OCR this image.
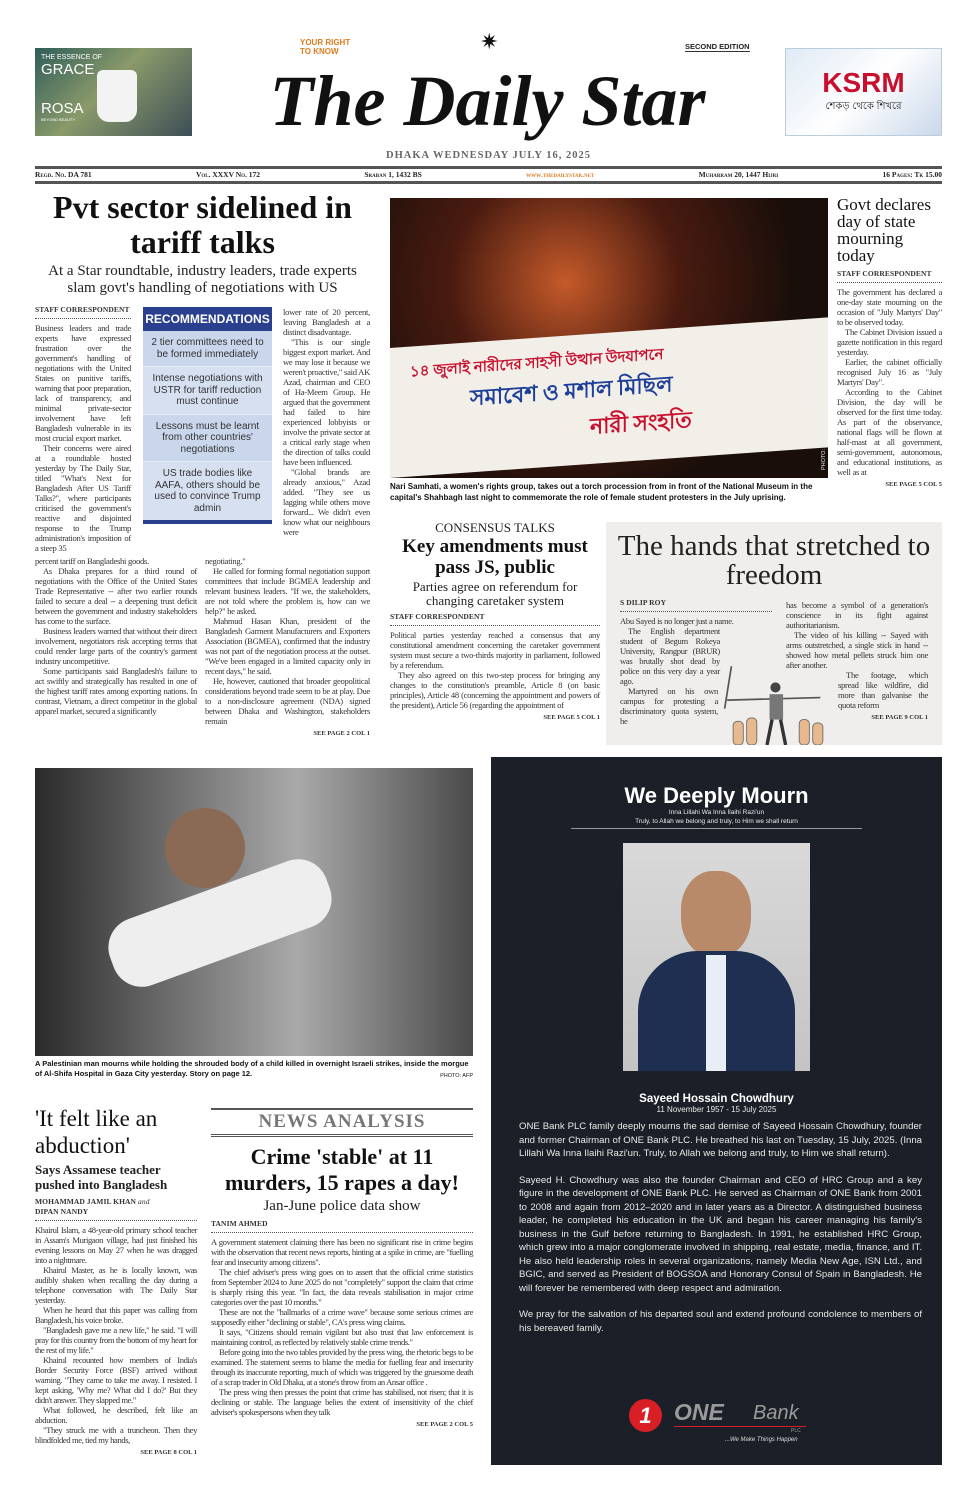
THE ESSENCE OF
GRACE
ROSA
BEYOND BEAUTY
KSRM
শেকড় থেকে শিখরে
YOUR RIGHT TO KNOW	✷	SECOND EDITION
The Daily Star
DHAKA WEDNESDAY JULY 16, 2025
Regd. No. DA 781	Vol. XXXV No. 172	Sraban 1, 1432 BS	www.thedailystar.net	Muharram 20, 1447 Hijri	16 Pages: Tk 15.00
Pvt sector sidelined in tariff talks
At a Star roundtable, industry leaders, trade experts slam govt's handling of negotiations with US
STAFF CORRESPONDENT

Business leaders and trade experts have expressed frustration over the government's handling of negotiations with the United States on punitive tariffs, warning that poor preparation, lack of transparency, and minimal private-sector involvement have left Bangladesh vulnerable in its most crucial export market.

Their concerns were aired at a roundtable hosted yesterday by The Daily Star, titled "What's Next for Bangladesh After US Tariff Talks?", where participants criticised the government's reactive and disjointed response to the Trump administration's imposition of a steep 35

RECOMMENDATIONS
2 tier committees need to be formed immediately
Intense negotiations with USTR for tariff reduction must continue
Lessons must be learnt from other countries' negotiations
US trade bodies like AAFA, others should be used to convince Trump admin

lower rate of 20 percent, leaving Bangladesh at a distinct disadvantage.

"This is our single biggest export market. And we may lose it because we weren't proactive," said AK Azad, chairman and CEO of Ha-Meem Group. He argued that the government had failed to hire experienced lobbyists or involve the private sector at a critical early stage when the direction of talks could have been influenced.

"Global brands are already anxious," Azad added. "They see us lagging while others move forward... We didn't even know what our neighbours were

percent tariff on Bangladeshi goods.

As Dhaka prepares for a third round of negotiations with the Office of the United States Trade Representative -- after two earlier rounds failed to secure a deal -- a deepening trust deficit between the government and industry stakeholders has come to the surface.

Business leaders warned that without their direct involvement, negotiators risk accepting terms that could render large parts of the country's garment industry uncompetitive.

Some participants said Bangladesh's failure to act swiftly and strategically has resulted in one of the highest tariff rates among exporting nations. In contrast, Vietnam, a direct competitor in the global apparel market, secured a significantly

negotiating."

He called for forming formal negotiation support committees that include BGMEA leadership and relevant business leaders. "If we, the stakeholders, are not told where the problem is, how can we help?" he asked.

Mahmud Hasan Khan, president of the Bangladesh Garment Manufacturers and Exporters Association (BGMEA), confirmed that the industry was not part of the negotiation process at the outset. "We've been engaged in a limited capacity only in recent days," he said.

He, however, cautioned that broader geopolitical considerations beyond trade seem to be at play. Due to a non-disclosure agreement (NDA) signed between Dhaka and Washington, stakeholders remain

SEE PAGE 2 COL 1
১৪ জুলাই নারীদের সাহসী উত্থান উদযাপনে
সমাবেশ ও মশাল মিছিল
নারী সংহতি	PHOTO: PALASH KHAN
Nari Samhati, a women's rights group, takes out a torch procession from in front of the National Museum in the capital's Shahbagh last night to commemorate the role of female student protesters in the July uprising.
Govt declares day of state mourning today
STAFF CORRESPONDENT

The government has declared a one-day state mourning on the occasion of "July Martyrs' Day" to be observed today.

The Cabinet Division issued a gazette notification in this regard yesterday.

Earlier, the cabinet officially recognised July 16 as "July Martyrs' Day".

According to the Cabinet Division, the day will be observed for the first time today. As part of the observance, national flags will be flown at half-mast at all government, semi-government, autonomous, and educational institutions, as well as at

SEE PAGE 5 COL 5
CONSENSUS TALKS
Key amendments must pass JS, public
Parties agree on referendum for changing caretaker system
STAFF CORRESPONDENT

Political parties yesterday reached a consensus that any constitutional amendment concerning the caretaker government system must secure a two-thirds majority in parliament, followed by a referendum.

They also agreed on this two-step process for bringing any changes to the constitution's preamble, Article 8 (on basic principles), Article 48 (concerning the appointment and powers of the president), Article 56 (regarding the appointment of

SEE PAGE 5 COL 1
The hands that stretched to freedom
S DILIP ROY

Abu Sayed is no longer just a name.

The English department student of Begum Rokeya University, Rangpur (BRUR) was brutally shot dead by police on this very day a year ago.

Martyred on his own campus for protesting a discriminatory quota system, he

has become a symbol of a generation's conscience in its fight against authoritarianism.

The video of his killing -- Sayed with arms outstretched, a single stick in hand -- showed how metal pellets struck him one after another.

The footage, which spread like wildfire, did more than galvanise the quota reform

SEE PAGE 9 COL 1
A Palestinian man mourns while holding the shrouded body of a child killed in overnight Israeli strikes, inside the morgue of Al-Shifa Hospital in Gaza City yesterday. Story on page 12.	PHOTO: AFP
'It felt like an abduction'
Says Assamese teacher pushed into Bangladesh
MOHAMMAD JAMIL KHAN and
DIPAN NANDY

Khairul Islam, a 48-year-old primary school teacher in Assam's Murigaon village, had just finished his evening lessons on May 27 when he was dragged into a nightmare.

Khairul Master, as he is locally known, was audibly shaken when recalling the day during a telephone conversation with The Daily Star yesterday.

When he heard that this paper was calling from Bangladesh, his voice broke.

"Bangladesh gave me a new life," he said. "I will pray for this country from the bottom of my heart for the rest of my life."

Khairul recounted how members of India's Border Security Force (BSF) arrived without warning. "They came to take me away. I resisted. I kept asking, 'Why me? What did I do?' But they didn't answer. They slapped me."

What followed, he described, felt like an abduction.

"They struck me with a truncheon. Then they blindfolded me, tied my hands,

SEE PAGE 8 COL 1
NEWS ANALYSIS
Crime 'stable' at 11 murders, 15 rapes a day!
Jan-June police data show
TANIM AHMED

A government statement claiming there has been no significant rise in crime begins with the observation that recent news reports, hinting at a spike in crime, are "fuelling fear and insecurity among citizens".

The chief adviser's press wing goes on to assert that the official crime statistics from September 2024 to June 2025 do not "completely" support the claim that crime is sharply rising this year. "In fact, the data reveals stabilisation in major crime categories over the past 10 months."

These are not the "hallmarks of a crime wave" because some serious crimes are supposedly either "declining or stable", CA's press wing claims.

It says, "Citizens should remain vigilant but also trust that law enforcement is maintaining control, as reflected by relatively stable crime trends."

Before going into the two tables provided by the press wing, the rhetoric begs to be examined. The statement seems to blame the media for fuelling fear and insecurity through its inaccurate reporting, much of which was triggered by the gruesome death of a scrap trader in Old Dhaka, at a stone's throw from an Ansar office .

The press wing then presses the point that crime has stabilised, not risen; that it is declining or stable. The language belies the extent of insensitivity of the chief adviser's spokespersons when they talk

SEE PAGE 2 COL 5
We Deeply Mourn
Inna Lillahi Wa Inna Ilaihi Razi'un
Truly, to Allah we belong and truly, to Him we shall return
Sayeed Hossain Chowdhury
11 November 1957 - 15 July 2025

ONE Bank PLC family deeply mourns the sad demise of Sayeed Hossain Chowdhury, founder and former Chairman of ONE Bank PLC. He breathed his last on Tuesday, 15 July, 2025. (Inna Lillahi Wa Inna Ilaihi Razi'un. Truly, to Allah we belong and truly, to Him we shall return).

Sayeed H. Chowdhury was also the founder Chairman and CEO of HRC Group and a key figure in the development of ONE Bank PLC. He served as Chairman of ONE Bank from 2001 to 2008 and again from 2012–2020 and in later years as a Director. A distinguished business leader, he completed his education in the UK and began his career managing his family's business in the Gulf before returning to Bangladesh. In 1991, he established HRC Group, which grew into a major conglomerate involved in shipping, real estate, media, finance, and IT. He also held leadership roles in several organizations, namely Media New Age, ISN Ltd., and BGIC, and served as President of BOGSOA and Honorary Consul of Spain in Bangladesh. He will forever be remembered with deep respect and admiration.

We pray for the salvation of his departed soul and extend profound condolence to members of his bereaved family.

1 ONE Bank
PLC
...We Make Things Happen
